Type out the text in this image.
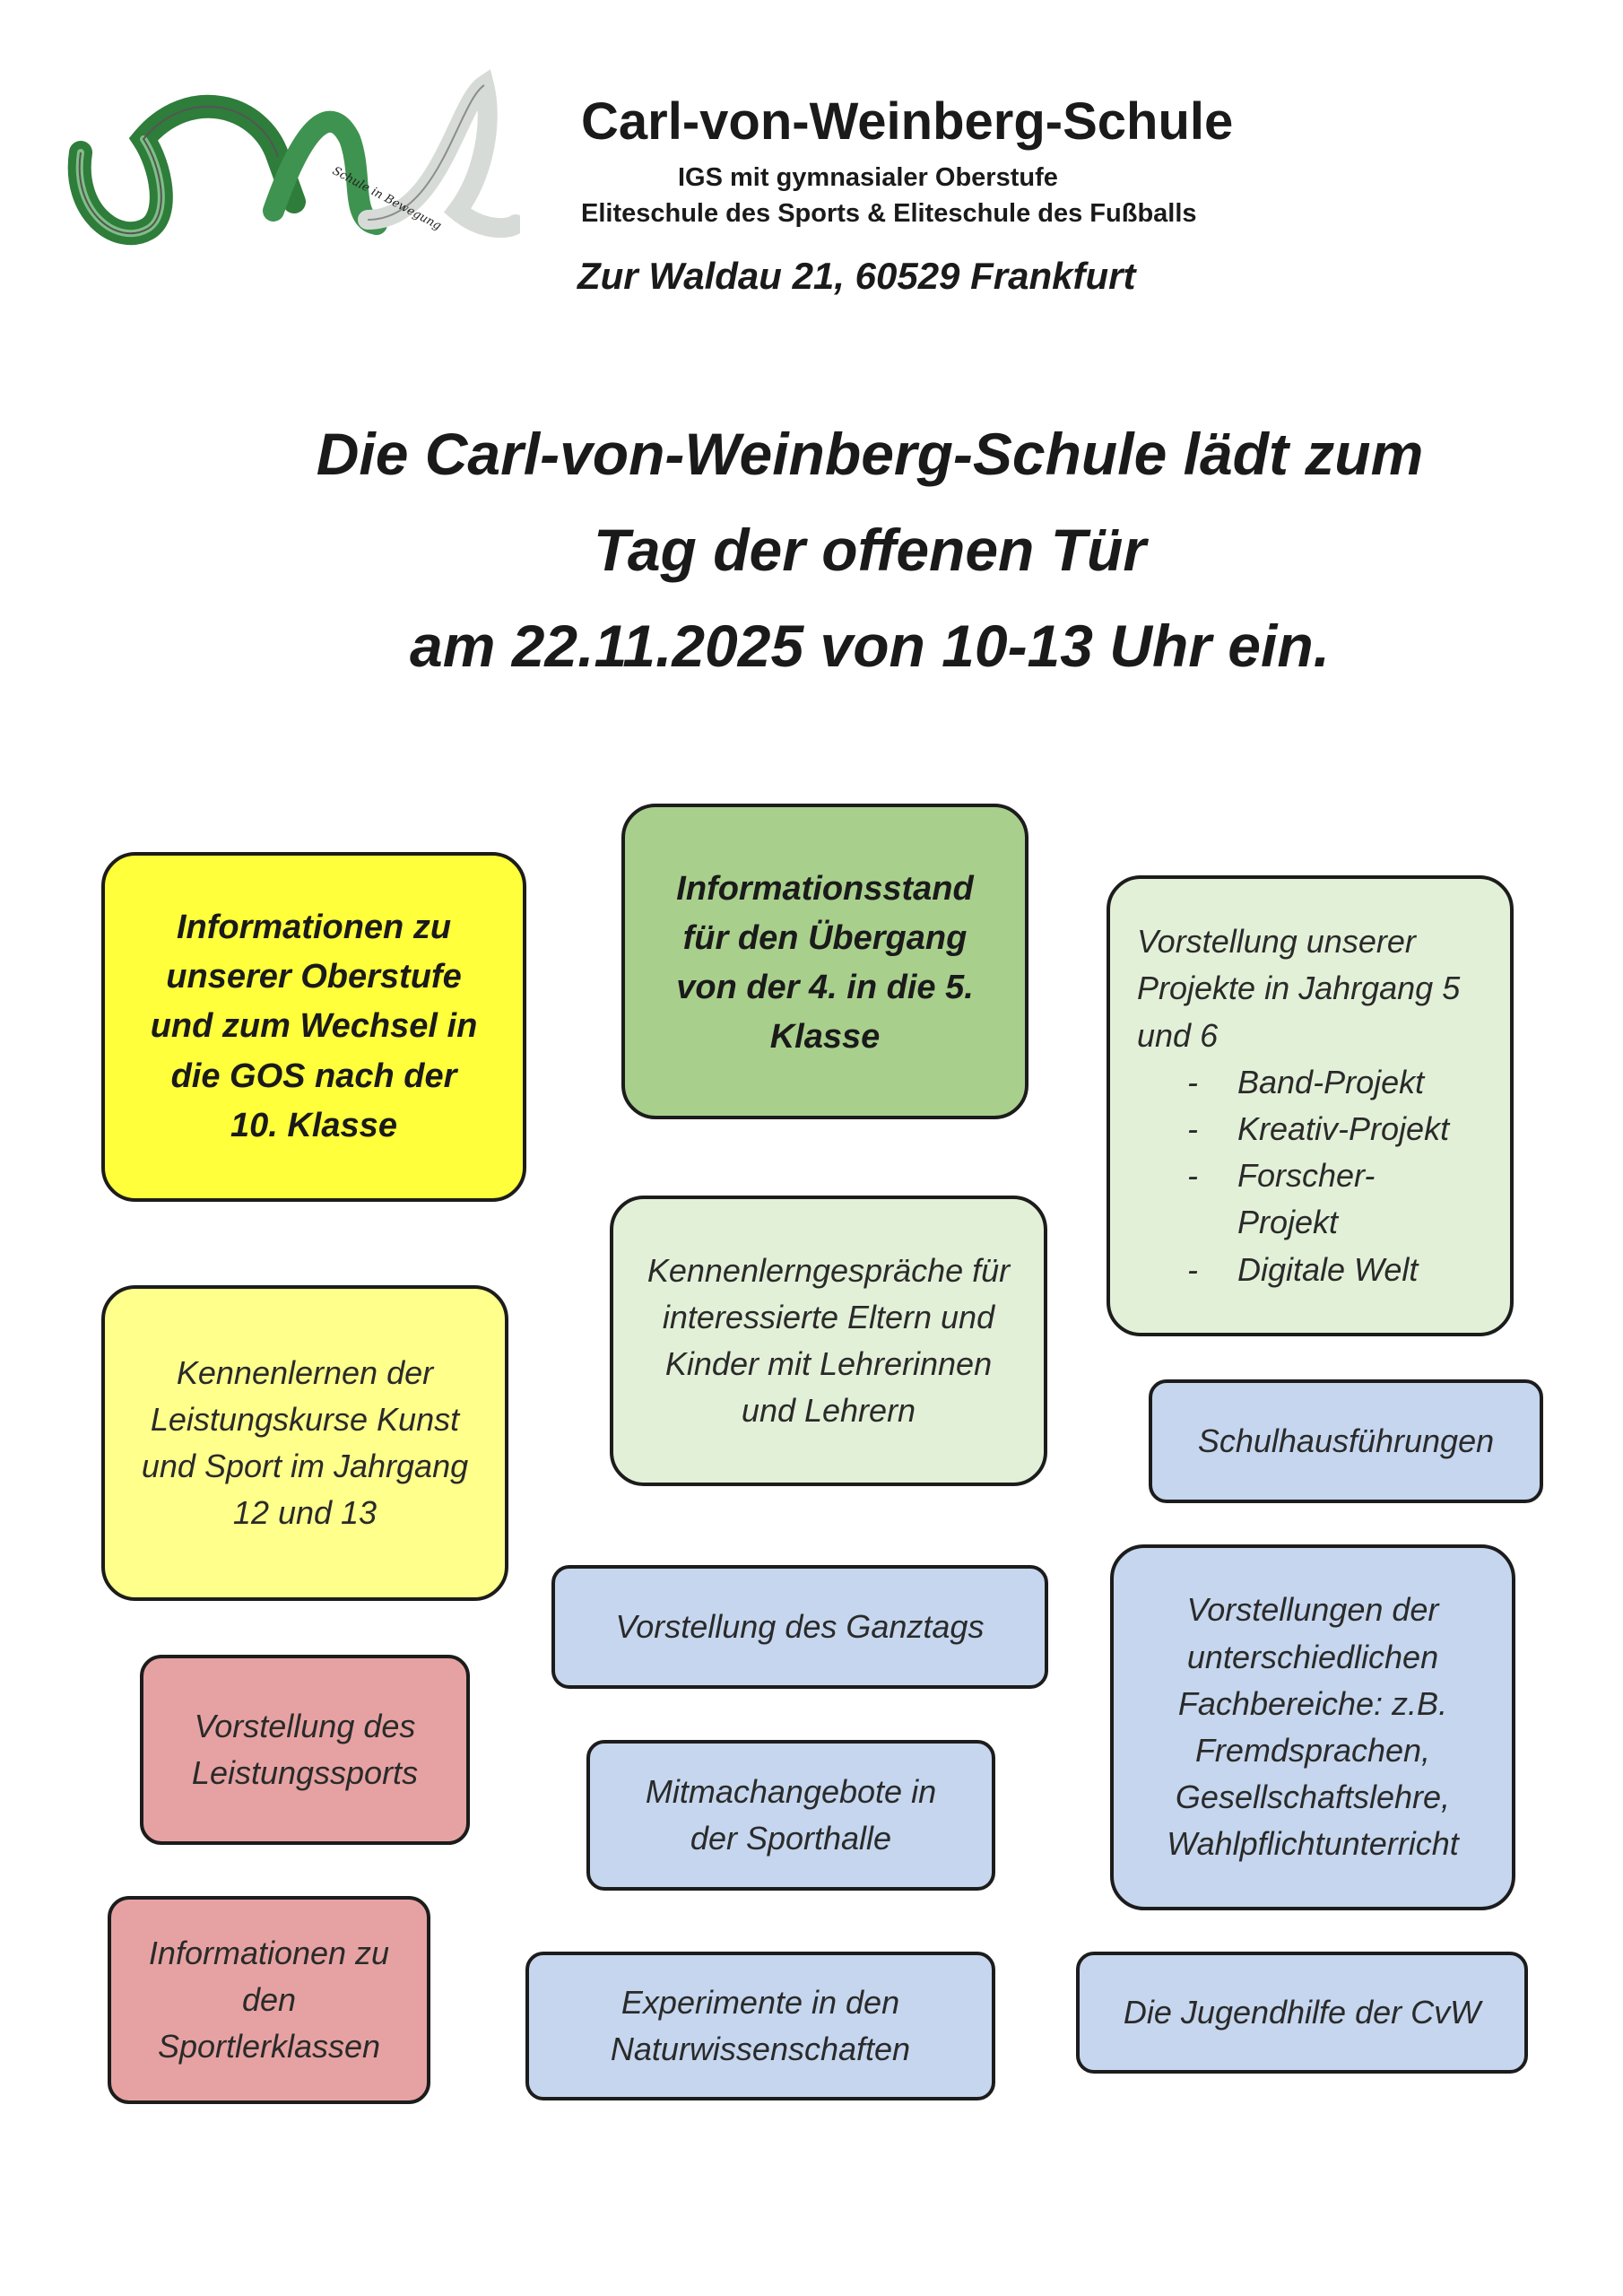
Schule in Bewegung
Carl-von-Weinberg-Schule
IGS mit gymnasialer Oberstufe
Eliteschule des Sports & Eliteschule des Fußballs
Zur Waldau 21, 60529 Frankfurt
Die Carl-von-Weinberg-Schule lädt zum
Tag der offenen Tür
am 22.11.2025 von 10-13 Uhr ein.
Informationen zu
unserer Oberstufe
und zum Wechsel in
die GOS nach der
10. Klasse
Informationsstand
für den Übergang
von der 4. in die 5.
Klasse
Vorstellung unserer
Projekte in Jahrgang 5
und 6
-	Band-Projekt
-	Kreativ-Projekt
-	Forscher-
Projekt
-	Digitale Welt
Kennenlerngespräche für
interessierte Eltern und
Kinder mit Lehrerinnen
und Lehrern
Kennenlernen der
Leistungskurse Kunst
und Sport im Jahrgang
12 und 13
Schulhausführungen
Vorstellung des Ganztags	Vorstellungen der
unterschiedlichen
Fachbereiche: z.B.
Fremdsprachen,
Gesellschaftslehre,
Wahlpflichtunterricht
Vorstellung des
Leistungssports
Mitmachangebote in
der Sporthalle
Informationen zu
den
Sportlerklassen
Experimente in den
Naturwissenschaften
Die Jugendhilfe der CvW
